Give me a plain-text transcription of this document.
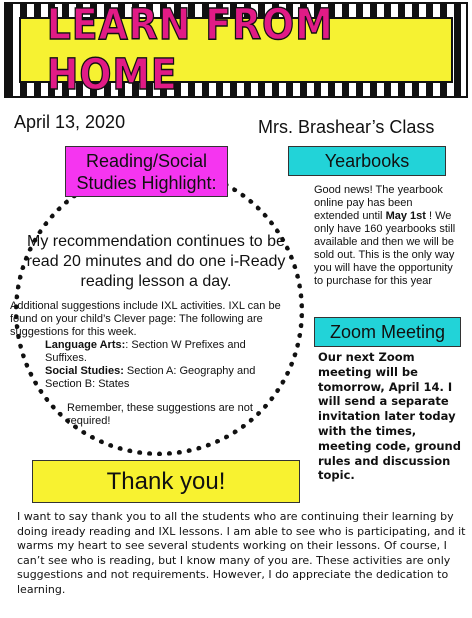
LEARN FROM HOME
April 13, 2020	Mrs. Brashear’s Class
Reading/Social
Studies Highlight:
My recommendation continues to be read 20 minutes and do one i-Ready reading lesson a day.
Additional suggestions include IXL activities. IXL can be found on your child’s Clever page: The following are suggestions for this week.
Language Arts:: Section W Prefixes and Suffixes.
Social Studies: Section A: Geography and Section B: States
Remember, these suggestions are not required!
Yearbooks
Good news! The yearbook online pay has been extended until May 1st ! We only have 160 yearbooks still available and then we will be sold out. This is the only way you will have the opportunity to purchase for this year
Zoom Meeting
Our next Zoom meeting will be tomorrow, April 14. I will send a separate invitation later today with the times, meeting code, ground rules and discussion topic.
Thank you!
I want to say thank you to all the students who are continuing their learning by doing iready reading and IXL lessons. I am able to see who is participating, and it warms my heart to see several students working on their lessons. Of course, I can’t see who is reading, but I know many of you are. These activities are only suggestions and not requirements. However, I do appreciate the dedication to learning.
